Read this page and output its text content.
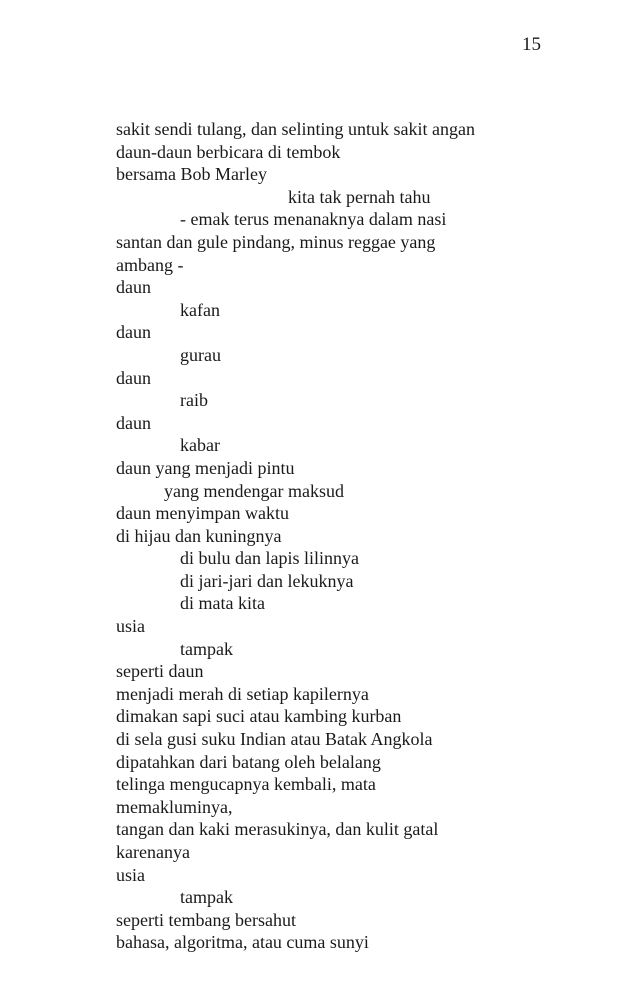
15
sakit sendi tulang, dan selinting untuk sakit angan
daun-daun berbicara di tembok
bersama Bob Marley
kita tak pernah tahu
- emak terus menanaknya dalam nasi
santan dan gule pindang, minus reggae yang
ambang -
daun
kafan
daun
gurau
daun
raib
daun
kabar
daun yang menjadi pintu
yang mendengar maksud
daun menyimpan waktu
di hijau dan kuningnya
di bulu dan lapis lilinnya
di jari-jari dan lekuknya
di mata kita
usia
tampak
seperti daun
menjadi merah di setiap kapilernya
dimakan sapi suci atau kambing kurban
di sela gusi suku Indian atau Batak Angkola
dipatahkan dari batang oleh belalang
telinga mengucapnya kembali, mata
memakluminya,
tangan dan kaki merasukinya, dan kulit gatal
karenanya
usia
tampak
seperti tembang bersahut
bahasa, algoritma, atau cuma sunyi
